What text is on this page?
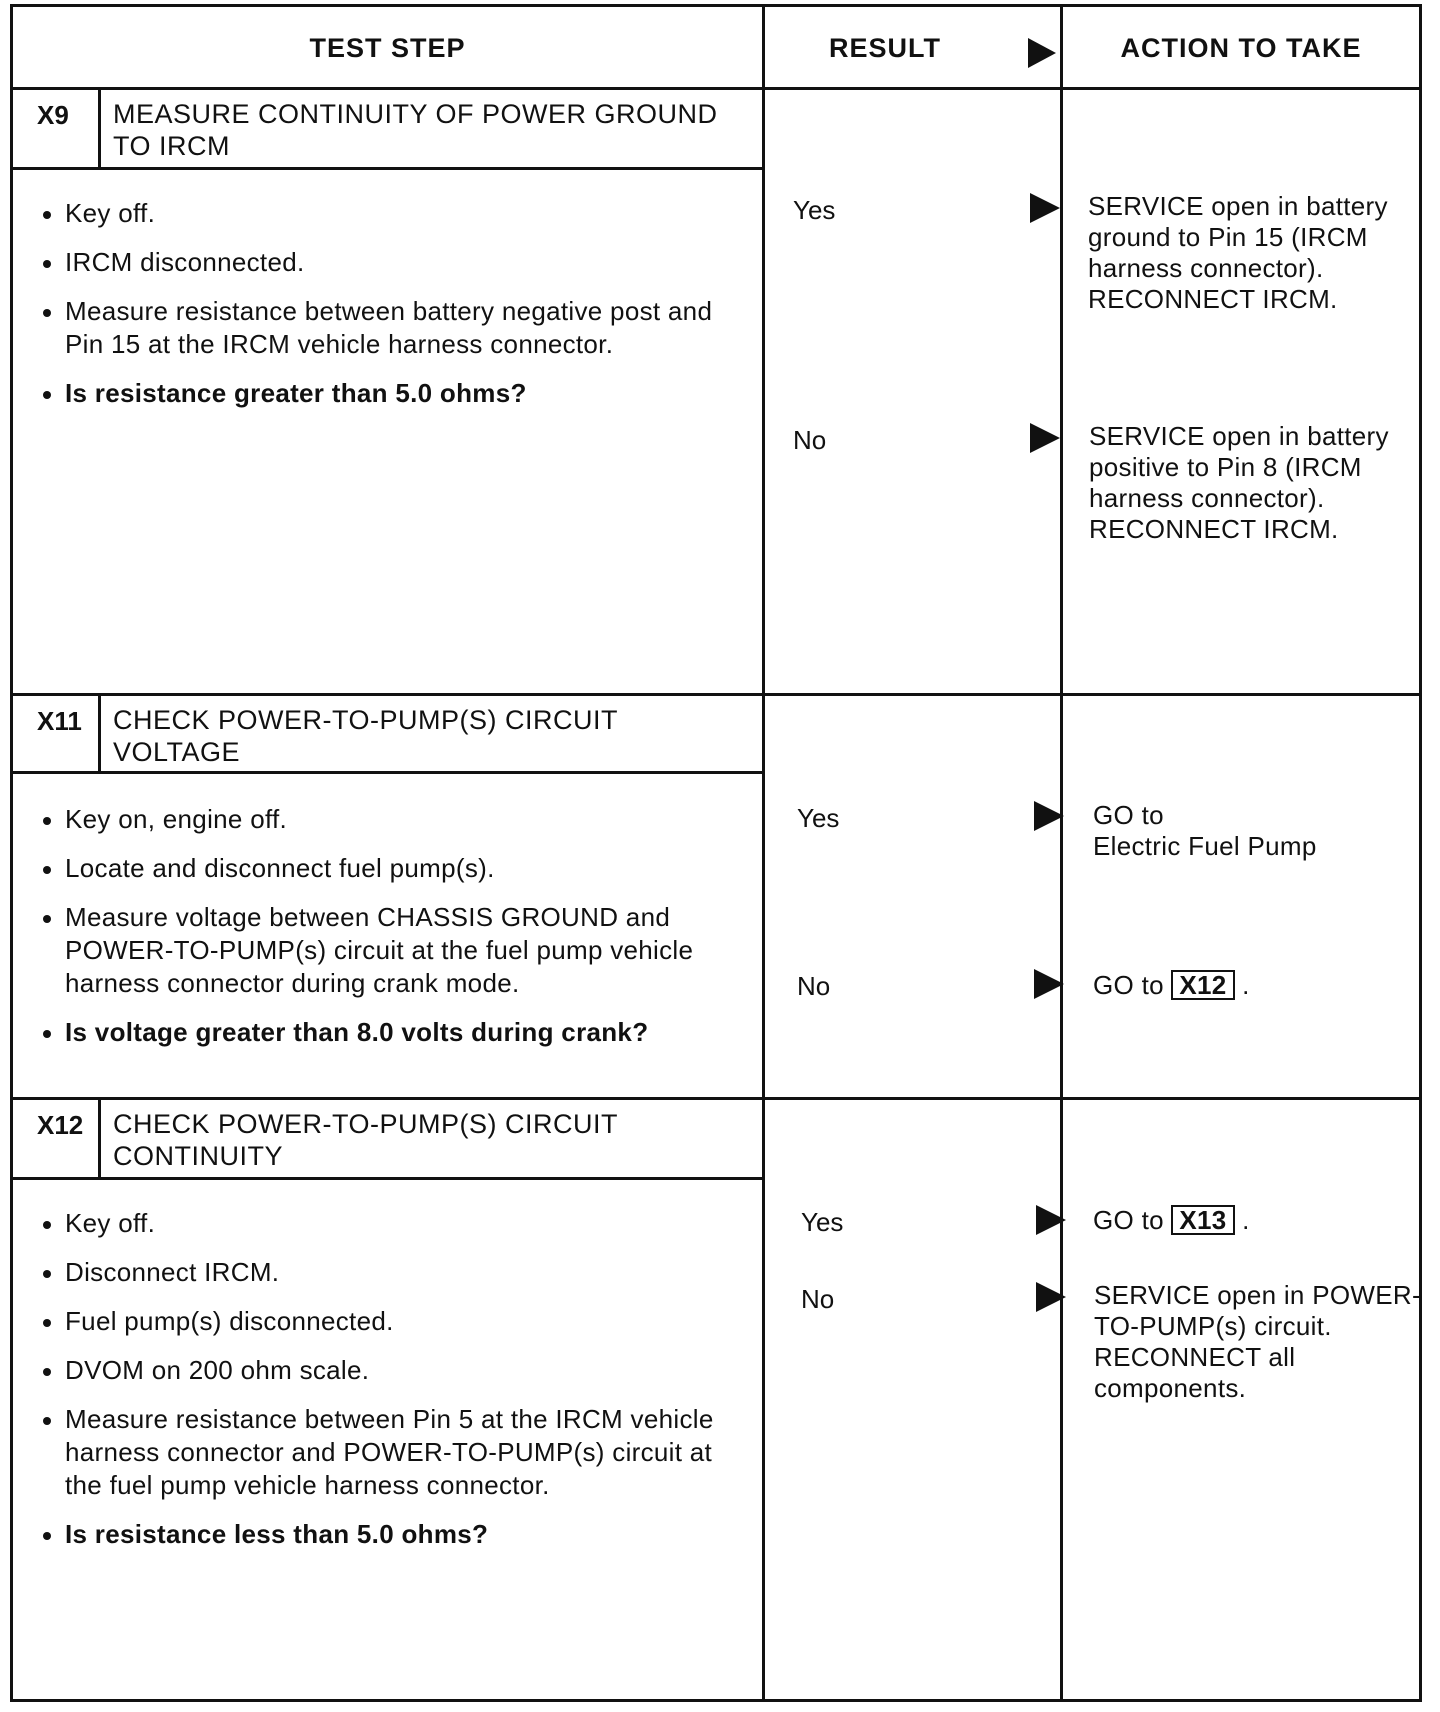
TEST STEP	RESULT	ACTION TO TAKE
X9	MEASURE CONTINUITY OF POWER GROUND TO IRCM
Key off.
IRCM disconnected.
Measure resistance between battery negative post and Pin 15 at the IRCM vehicle harness connector.
Is resistance greater than 5.0 ohms?
Yes	SERVICE open in battery ground to Pin 15 (IRCM harness connector). RECONNECT IRCM.
No	SERVICE open in battery positive to Pin 8 (IRCM harness connector). RECONNECT IRCM.
X11	CHECK POWER-TO-PUMP(S) CIRCUIT VOLTAGE
Key on, engine off.
Locate and disconnect fuel pump(s).
Measure voltage between CHASSIS GROUND and POWER-TO-PUMP(s) circuit at the fuel pump vehicle harness connector during crank mode.
Is voltage greater than 8.0 volts during crank?
Yes	GO to
Electric Fuel Pump
No	GO to X12 .
X12	CHECK POWER-TO-PUMP(S) CIRCUIT CONTINUITY
Key off.
Disconnect IRCM.
Fuel pump(s) disconnected.
DVOM on 200 ohm scale.
Measure resistance between Pin 5 at the IRCM vehicle harness connector and POWER-TO-PUMP(s) circuit at the fuel pump vehicle harness connector.
Is resistance less than 5.0 ohms?
Yes	GO to X13 .
No	SERVICE open in POWER-TO-PUMP(s) circuit. RECONNECT all components.
